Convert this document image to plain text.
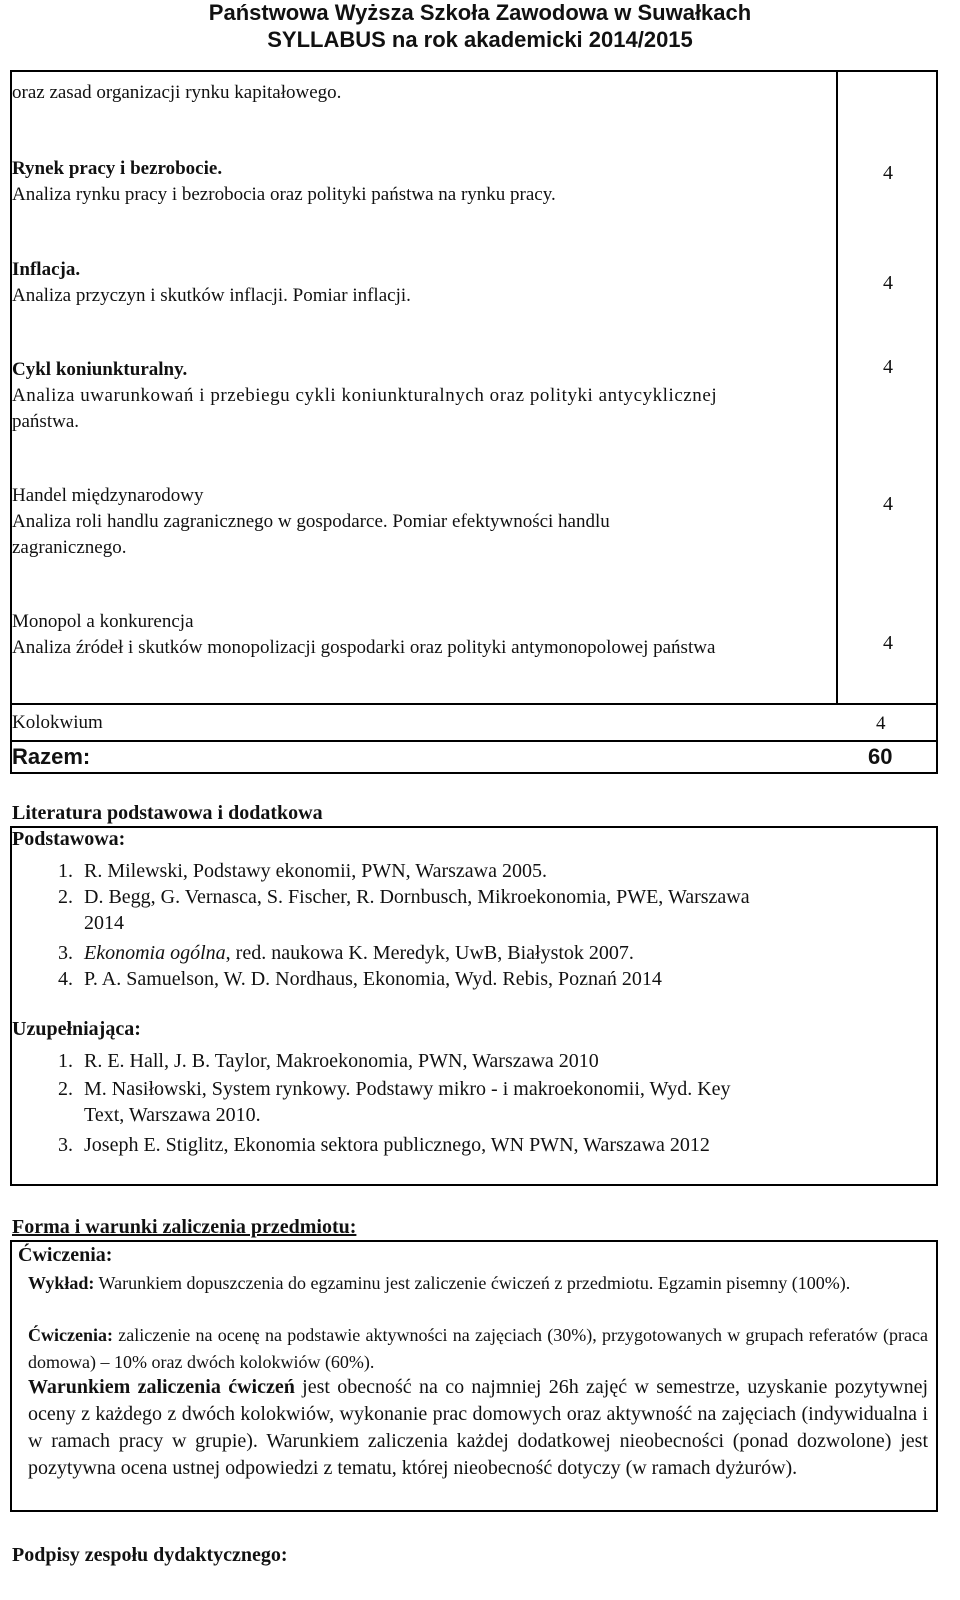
Państwowa Wyższa Szkoła Zawodowa w Suwałkach
SYLLABUS na rok akademicki 2014/2015
oraz zasad organizacji rynku kapitałowego.
Rynek pracy i bezrobocie.
Analiza rynku pracy i bezrobocia oraz polityki państwa na rynku pracy.
4
Inflacja.
Analiza przyczyn i skutków inflacji. Pomiar inflacji.
4
Cykl koniunkturalny.
Analiza uwarunkowań i przebiegu cykli koniunkturalnych oraz polityki antycyklicznej
państwa.
4
Handel międzynarodowy
Analiza roli handlu zagranicznego w gospodarce. Pomiar efektywności handlu
zagranicznego.
4
Monopol a konkurencja
Analiza źródeł i skutków monopolizacji gospodarki oraz polityki antymonopolowej państwa	4
Kolokwium	4
Razem:	60
Literatura podstawowa i dodatkowa
Podstawowa:
1. R. Milewski, Podstawy ekonomii, PWN, Warszawa 2005.
2. D. Begg, G. Vernasca, S. Fischer, R. Dornbusch, Mikroekonomia, PWE, Warszawa
2014
3. Ekonomia ogólna, red. naukowa K. Meredyk, UwB, Białystok 2007.
4. P. A. Samuelson, W. D. Nordhaus, Ekonomia, Wyd. Rebis, Poznań 2014
Uzupełniająca:
1. R. E. Hall, J. B. Taylor, Makroekonomia, PWN, Warszawa 2010
2. M. Nasiłowski, System rynkowy. Podstawy mikro - i makroekonomii, Wyd. Key
Text, Warszawa 2010.
3. Joseph E. Stiglitz, Ekonomia sektora publicznego, WN PWN, Warszawa 2012
Forma i warunki zaliczenia przedmiotu:
Ćwiczenia:
Wykład: Warunkiem dopuszczenia do egzaminu jest zaliczenie ćwiczeń z przedmiotu. Egzamin pisemny (100%).
Ćwiczenia: zaliczenie na ocenę na podstawie aktywności na zajęciach (30%), przygotowanych w grupach referatów (praca domowa) – 10% oraz dwóch kolokwiów (60%).
Warunkiem zaliczenia ćwiczeń jest obecność na co najmniej 26h zajęć w semestrze, uzyskanie pozytywnej oceny z każdego z dwóch kolokwiów, wykonanie prac domowych oraz aktywność na zajęciach (indywidualna i w ramach pracy w grupie). Warunkiem zaliczenia każdej dodatkowej nieobecności (ponad dozwolone) jest pozytywna ocena ustnej odpowiedzi z tematu, której nieobecność dotyczy (w ramach dyżurów).
Podpisy zespołu dydaktycznego:
